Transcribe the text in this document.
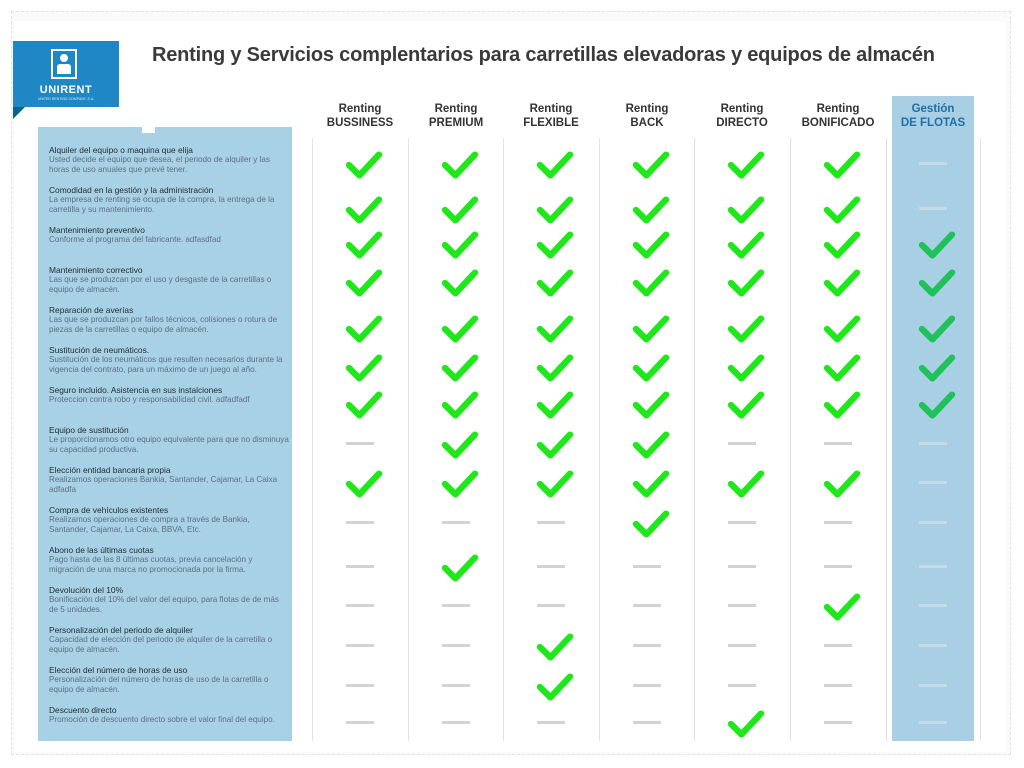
UNIRENT
UNITED RENTING COMPANY, S.A.
Renting y Servicios complentarios para carretillas elevadoras y equipos de almacén
Gestión
DE FLOTAS
Renting
BUSSINESS
Renting
PREMIUM
Renting
FLEXIBLE
Renting
BACK
Renting
DIRECTO
Renting
BONIFICADO
Alquiler del equipo o maquina que elija
Usted decide el equipo que desea, el periodo de alquiler y las horas de uso anuales que prevé tener.
Comodidad en la gestión y la administración
La empresa de renting se ocupa de la compra, la entrega de la carretilla y su mantenimiento.
Mantenimiento preventivo
Conforme al programa del fabricante. adfasdfad
Mantenimiento correctivo
Las que se produzcan por el uso y desgaste de la carretillas o equipo de almacén.
Reparación de averías
Las que se produzcan por fallos técnicos, colisiones o rotura de piezas de la carretillas o equipo de almacén.
Sustitución de neumáticos.
Sustitución de los neumáticos que resulten necesarios durante la vigencia del contrato, para un máximo de un juego al año.
Seguro incluido. Asistencia en sus instalciones
Proteccion contra robo y responsabilidad civil. adfadfadf
Equipo de sustitución
Le proporcionamos otro equipo equivalente para que no disminuya su capacidad productiva.
Elección entidad bancaria propia
Realizamos operaciones Bankia, Santander, Cajamar, La Caixa adfadfa
Compra de vehículos existentes
Realizamos operaciones de compra a través de Bankia, Santander, Cajamar, La Caixa, BBVA, Etc.
Abono de las últimas cuotas
Pago hasta de las 8 últimas cuotas, previa cancelación y migración de una marca no promocionada por la firma.
Devolución del 10%
Bonificación del 10% del valor del equipo, para flotas de de más de 5 unidades.
Personalización del periodo de alquiler
Capacidad de elección del periodo de alquiler de la carretilla o equipo de almacén.
Elección del número de horas de uso
Personalización del número de horas de uso de la carretilla o equipo de almacén.
Descuento directo
Promoción de descuento directo sobre el valor final del equipo.
